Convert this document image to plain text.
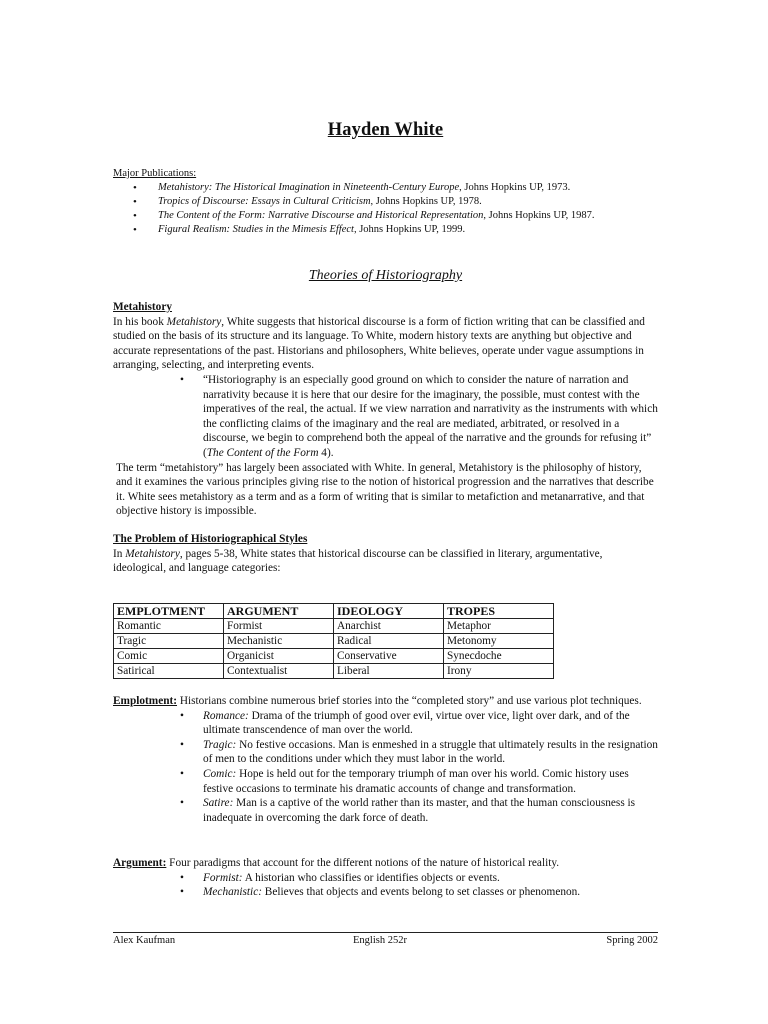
Hayden White
Major Publications:
• Metahistory: The Historical Imagination in Nineteenth-Century Europe, Johns Hopkins UP, 1973.
• Tropics of Discourse: Essays in Cultural Criticism, Johns Hopkins UP, 1978.
• The Content of the Form: Narrative Discourse and Historical Representation, Johns Hopkins UP, 1987.
• Figural Realism: Studies in the Mimesis Effect, Johns Hopkins UP, 1999.
Theories of Historiography
Metahistory
In his book Metahistory, White suggests that historical discourse is a form of fiction writing that can be classified and studied on the basis of its structure and its language. To White, modern history texts are anything but objective and accurate representations of the past. Historians and philosophers, White believes, operate under vague assumptions in arranging, selecting, and interpreting events.
• “Historiography is an especially good ground on which to consider the nature of narration and narrativity because it is here that our desire for the imaginary, the possible, must contest with the imperatives of the real, the actual. If we view narration and narrativity as the instruments with which the conflicting claims of the imaginary and the real are mediated, arbitrated, or resolved in a discourse, we begin to comprehend both the appeal of the narrative and the grounds for refusing it” (The Content of the Form 4).
The term “metahistory” has largely been associated with White. In general, Metahistory is the philosophy of history, and it examines the various principles giving rise to the notion of historical progression and the narratives that describe it. White sees metahistory as a term and as a form of writing that is similar to metafiction and metanarrative, and that objective history is impossible.
The Problem of Historiographical Styles
In Metahistory, pages 5-38, White states that historical discourse can be classified in literary, argumentative, ideological, and language categories:
EMPLOTMENT	ARGUMENT	IDEOLOGY	TROPES
Romantic	Formist	Anarchist	Metaphor
Tragic	Mechanistic	Radical	Metonomy
Comic	Organicist	Conservative	Synecdoche
Satirical	Contextualist	Liberal	Irony
Emplotment: Historians combine numerous brief stories into the “completed story” and use various plot techniques.
• Romance: Drama of the triumph of good over evil, virtue over vice, light over dark, and of the ultimate transcendence of man over the world.
• Tragic: No festive occasions. Man is enmeshed in a struggle that ultimately results in the resignation of men to the conditions under which they must labor in the world.
• Comic: Hope is held out for the temporary triumph of man over his world. Comic history uses festive occasions to terminate his dramatic accounts of change and transformation.
• Satire: Man is a captive of the world rather than its master, and that the human consciousness is inadequate in overcoming the dark force of death.
Argument: Four paradigms that account for the different notions of the nature of historical reality.
• Formist: A historian who classifies or identifies objects or events.
• Mechanistic: Believes that objects and events belong to set classes or phenomenon.
Alex Kaufman	English 252r	Spring 2002
